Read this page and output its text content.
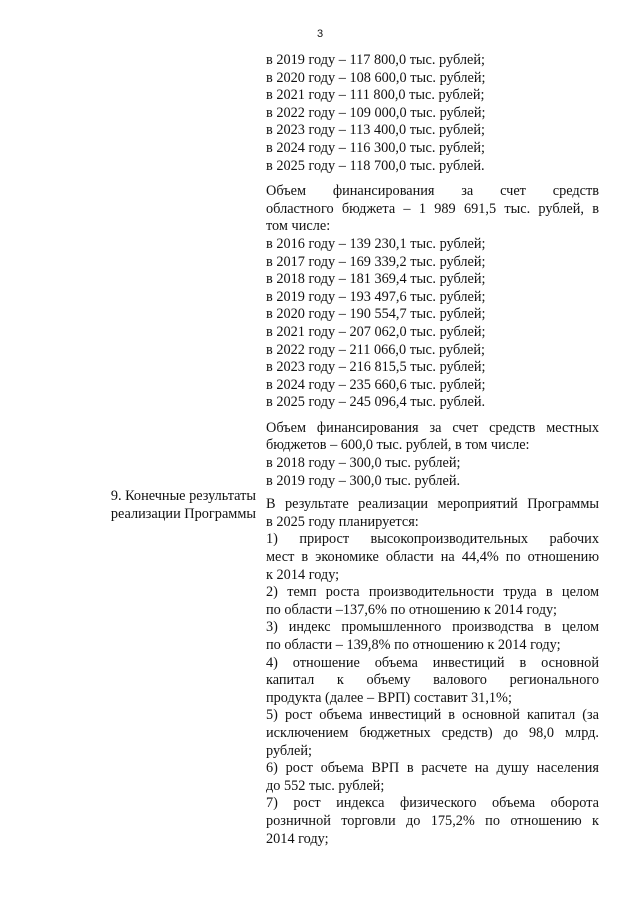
3
9. Конечные результаты
реализации Программы
в 2019 году – 117 800,0 тыс. рублей;
в 2020 году – 108 600,0 тыс. рублей;
в 2021 году – 111 800,0 тыс. рублей;
в 2022 году – 109 000,0 тыс. рублей;
в 2023 году – 113 400,0 тыс. рублей;
в 2024 году – 116 300,0 тыс. рублей;
в 2025 году – 118 700,0 тыс. рублей.
Объем финансирования за счет средств
областного бюджета – 1 989 691,5 тыс. рублей, в
том числе:
в 2016 году – 139 230,1 тыс. рублей;
в 2017 году – 169 339,2 тыс. рублей;
в 2018 году – 181 369,4 тыс. рублей;
в 2019 году – 193 497,6 тыс. рублей;
в 2020 году – 190 554,7 тыс. рублей;
в 2021 году – 207 062,0 тыс. рублей;
в 2022 году – 211 066,0 тыс. рублей;
в 2023 году – 216 815,5 тыс. рублей;
в 2024 году – 235 660,6 тыс. рублей;
в 2025 году – 245 096,4 тыс. рублей.
Объем финансирования за счет средств местных
бюджетов – 600,0 тыс. рублей, в том числе:
в 2018 году – 300,0 тыс. рублей;
в 2019 году – 300,0 тыс. рублей.
В результате реализации мероприятий Программы
в 2025 году планируется:
1) прирост высокопроизводительных рабочих
мест в экономике области на 44,4% по отношению
к 2014 году;
2) темп роста производительности труда в целом
по области –137,6% по отношению к 2014 году;
3) индекс промышленного производства в целом
по области – 139,8% по отношению к 2014 году;
4) отношение объема инвестиций в основной
капитал к объему валового регионального
продукта (далее – ВРП) составит 31,1%;
5) рост объема инвестиций в основной капитал (за
исключением бюджетных средств) до 98,0 млрд.
рублей;
6) рост объема ВРП в расчете на душу населения
до 552 тыс. рублей;
7) рост индекса физического объема оборота
розничной торговли до 175,2% по отношению к
2014 году;
